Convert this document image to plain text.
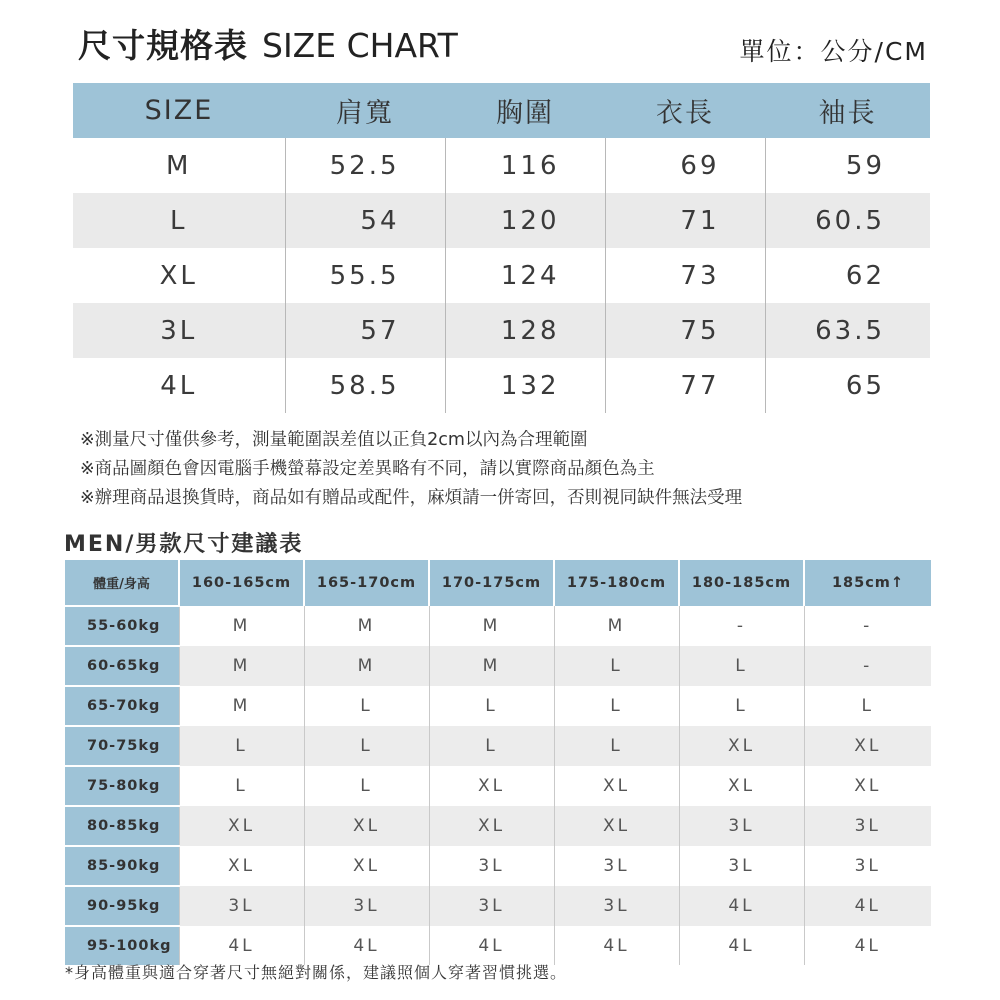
尺寸規格表 SIZE CHART	單位：公分/CM
SIZE	肩寬	胸圍	衣長	袖長
M	52.5	116	69	59
L	54	120	71	60.5
XL	55.5	124	73	62
3L	57	128	75	63.5
4L	58.5	132	77	65
※測量尺寸僅供參考，測量範圍誤差值以正負2cm以內為合理範圍
※商品圖顏色會因電腦手機螢幕設定差異略有不同，請以實際商品顏色為主
※辦理商品退換貨時，商品如有贈品或配件，麻煩請一併寄回，否則視同缺件無法受理
MEN/男款尺寸建議表
體重/身高	160-165cm	165-170cm	170-175cm	175-180cm	180-185cm	185cm↑
55-60kg	M	M	M	M	-	-
60-65kg	M	M	M	L	L	-
65-70kg	M	L	L	L	L	L
70-75kg	L	L	L	L	XL	XL
75-80kg	L	L	XL	XL	XL	XL
80-85kg	XL	XL	XL	XL	3L	3L
85-90kg	XL	XL	3L	3L	3L	3L
90-95kg	3L	3L	3L	3L	4L	4L
95-100kg	4L	4L	4L	4L	4L	4L
*身高體重與適合穿著尺寸無絕對關係，建議照個人穿著習慣挑選。
